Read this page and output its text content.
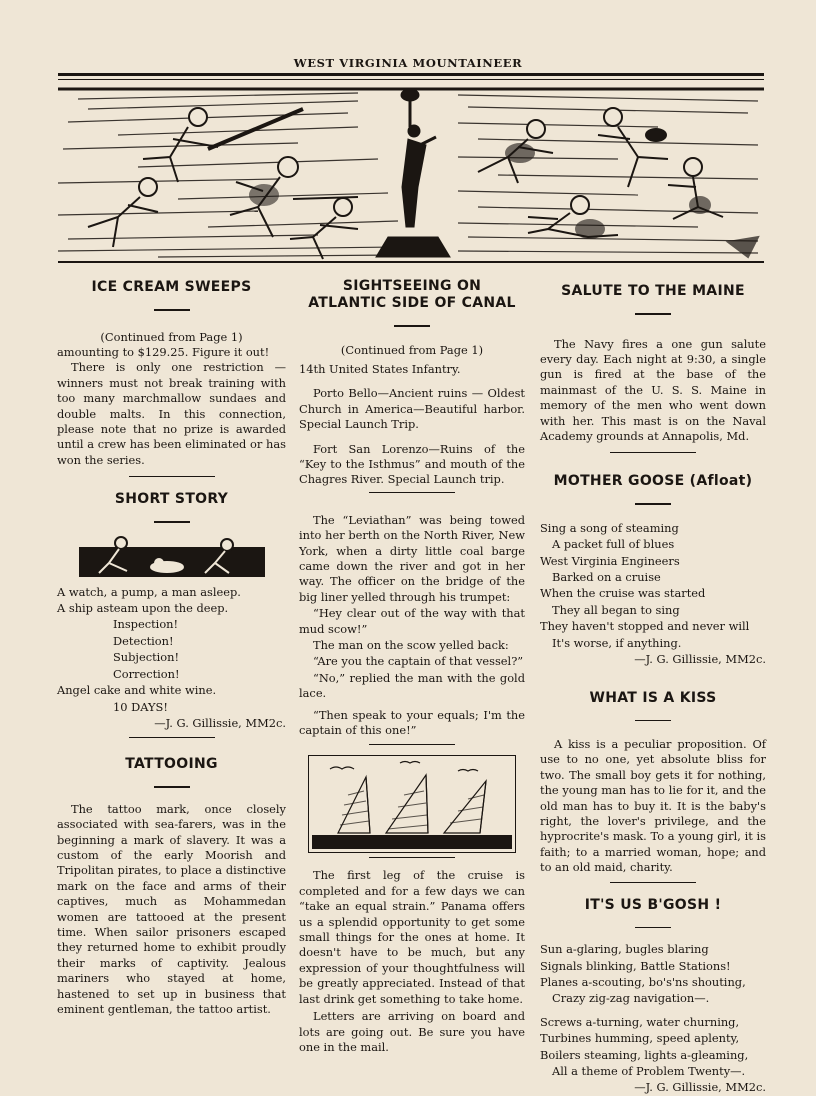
WEST VIRGINIA MOUNTAINEER
ICE CREAM SWEEPS

(Continued from Page 1)

amounting to $129.25. Figure it out!

There is only one restriction — winners must not break training with too many marchmallow sundaes and double malts. In this connection, please note that no prize is awarded until a crew has been eliminated or has won the series.

SHORT STORY
A watch, a pump, a man asleep.
A ship asteam upon the deep.
Inspection!
Detection!
Subjection!
Correction!
Angel cake and white wine.
10 DAYS!
—J. G. Gillissie, MM2c.
TATTOOING

The tattoo mark, once closely associated with sea-farers, was in the beginning a mark of slavery. It was a custom of the early Moorish and Tripolitan pirates, to place a distinctive mark on the face and arms of their captives, much as Mohammedan women are tattooed at the present time. When sailor prisoners escaped they returned home to exhibit proudly their marks of captivity. Jealous mariners who stayed at home, hastened to set up in business that eminent gentleman, the tattoo artist.

SIGHTSEEING ON
ATLANTIC SIDE OF CANAL

(Continued from Page 1)

14th United States Infantry.

Porto Bello—Ancient ruins — Oldest Church in America—Beautiful harbor. Special Launch Trip.

Fort San Lorenzo—Ruins of the “Key to the Isthmus” and mouth of the Chagres River. Special Launch trip.

The “Leviathan” was being towed into her berth on the North River, New York, when a dirty little coal barge came down the river and got in her way. The officer on the bridge of the big liner yelled through his trumpet:

“Hey clear out of the way with that mud scow!”

The man on the scow yelled back:

“Are you the captain of that vessel?”

“No,” replied the man with the gold lace.

“Then speak to your equals; I'm the captain of this one!”

The first leg of the cruise is completed and for a few days we can “take an equal strain.” Panama offers us a splendid opportunity to get some small things for the ones at home. It doesn't have to be much, but any expression of your thoughtfulness will be greatly appreciated. Instead of that last drink get something to take home.

Letters are arriving on board and lots are going out. Be sure you have one in the mail.

SALUTE TO THE MAINE

The Navy fires a one gun salute every day. Each night at 9:30, a single gun is fired at the base of the mainmast of the U. S. S. Maine in memory of the men who went down with her. This mast is on the Naval Academy grounds at Annapolis, Md.

MOTHER GOOSE (Afloat)
Sing a song of steaming
A packet full of blues
West Virginia Engineers
Barked on a cruise
When the cruise was started
They all began to sing
They haven't stopped and never will
It's worse, if anything.
—J. G. Gillissie, MM2c.
WHAT IS A KISS

A kiss is a peculiar proposition. Of use to no one, yet absolute bliss for two. The small boy gets it for nothing, the young man has to lie for it, and the old man has to buy it. It is the baby's right, the lover's privilege, and the hyprocrite's mask. To a young girl, it is faith; to a married woman, hope; and to an old maid, charity.

IT'S US B'GOSH !
Sun a-glaring, bugles blaring
Signals blinking, Battle Stations!
Planes a-scouting, bo's'ns shouting,
Crazy zig-zag navigation—.
Screws a-turning, water churning,
Turbines humming, speed aplenty,
Boilers steaming, lights a-gleaming,
All a theme of Problem Twenty—.
—J. G. Gillissie, MM2c.
